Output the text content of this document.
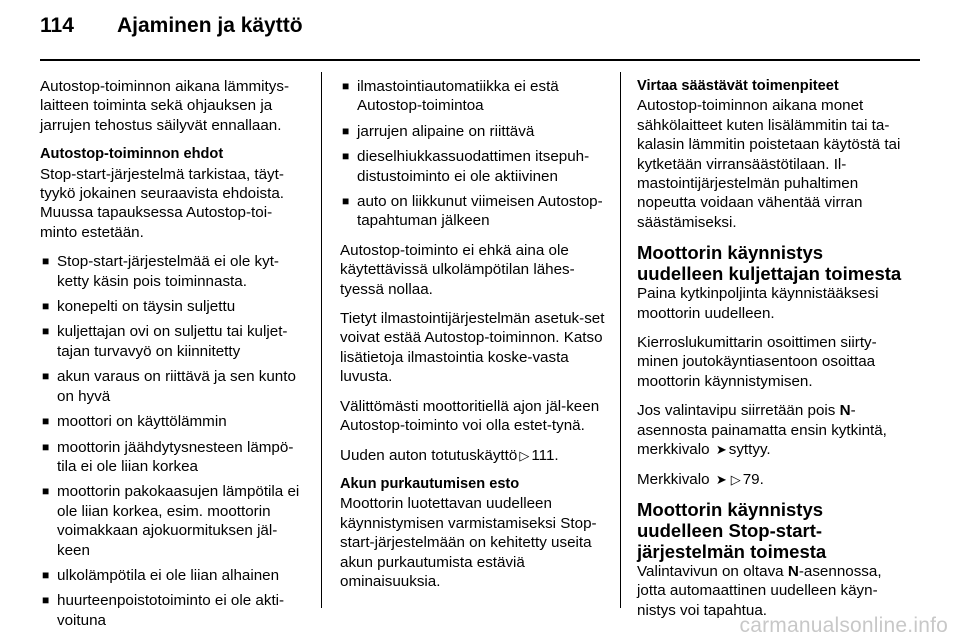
114	Ajaminen ja käyttö

Autostop-toiminnon aikana lämmitys-laitteen toiminta sekä ohjauksen ja jarrujen tehostus säilyvät ennallaan.

Autostop-toiminnon ehdot

Stop-start-järjestelmä tarkistaa, täyt-tyykö jokainen seuraavista ehdoista. Muussa tapauksessa Autostop-toi-minto estetään.

■ Stop-start-järjestelmää ei ole kyt-ketty käsin pois toiminnasta.
■ konepelti on täysin suljettu
■ kuljettajan ovi on suljettu tai kuljet-tajan turvavyö on kiinnitetty
■ akun varaus on riittävä ja sen kunto on hyvä
■ moottori on käyttölämmin
■ moottorin jäähdytysnesteen lämpö-tila ei ole liian korkea
■ moottorin pakokaasujen lämpötila ei ole liian korkea, esim. moottorin voimakkaan ajokuormituksen jäl-keen
■ ulkolämpötila ei ole liian alhainen
■ huurteenpoistotoiminto ei ole akti-voituna
■ ilmastointiautomatiikka ei estä Autostop-toimintoa
■ jarrujen alipaine on riittävä
■ dieselhiukkassuodattimen itsepuh-distustoiminto ei ole aktiivinen
■ auto on liikkunut viimeisen Autostop-tapahtuman jälkeen

Autostop-toiminto ei ehkä aina ole käytettävissä ulkolämpötilan lähes-tyessä nollaa.

Tietyt ilmastointijärjestelmän asetuk-set voivat estää Autostop-toiminnon. Katso lisätietoja ilmastointia koske-vasta luvusta.

Välittömästi moottoritiellä ajon jäl-keen Autostop-toiminto voi olla estet-tynä.

Uuden auton totutuskäyttö ▷ 111.

Akun purkautumisen esto

Moottorin luotettavan uudelleen käynnistymisen varmistamiseksi Stop-start-järjestelmään on kehitetty useita akun purkautumista estäviä ominaisuuksia.

Virtaa säästävät toimenpiteet

Autostop-toiminnon aikana monet sähkölaitteet kuten lisälämmitin tai ta-kalasin lämmitin poistetaan käytöstä tai kytketään virransäästötilaan. Il-mastointijärjestelmän puhaltimen nopeutta voidaan vähentää virran säästämiseksi.

Moottorin käynnistys uudelleen kuljettajan toimesta

Paina kytkinpoljinta käynnistääksesi moottorin uudelleen.

Kierroslukumittarin osoittimen siirty-minen joutokäyntiasentoon osoittaa moottorin käynnistymisen.

Jos valintavipu siirretään pois N-asennosta painamatta ensin kytkintä, merkkivalo ➤ syttyy.

Merkkivalo ➤ ▷ 79.

Moottorin käynnistys uudelleen Stop-start-järjestelmän toimesta

Valintavivun on oltava N-asennossa, jotta automaattinen uudelleen käyn-nistys voi tapahtua.

carmanualsonline.info
